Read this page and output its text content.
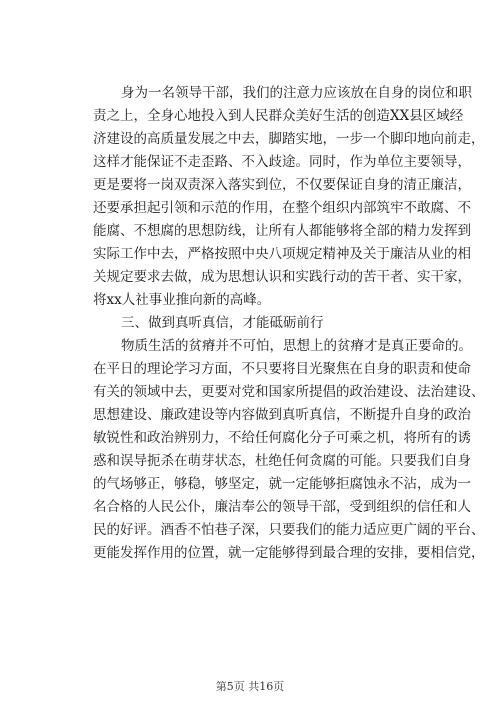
身为一名领导干部，我们的注意力应该放在自身的岗位和职
责之上，全身心地投入到人民群众美好生活的创造XX县区域经
济建设的高质量发展之中去，脚踏实地，一步一个脚印地向前走，
这样才能保证不走歪路、不入歧途。同时，作为单位主要领导，
更是要将一岗双责深入落实到位，不仅要保证自身的清正廉洁，
还要承担起引领和示范的作用，在整个组织内部筑牢不敢腐、不
能腐、不想腐的思想防线，让所有人都能够将全部的精力发挥到
实际工作中去，严格按照中央八项规定精神及关于廉洁从业的相
关规定要求去做，成为思想认识和实践行动的苦干者、实干家，
将xx人社事业推向新的高峰。
三、做到真听真信，才能砥砺前行
物质生活的贫瘠并不可怕，思想上的贫瘠才是真正要命的。
在平日的理论学习方面，不只要将目光聚焦在自身的职责和使命
有关的领域中去，更要对党和国家所提倡的政治建设、法治建设、
思想建设、廉政建设等内容做到真听真信，不断提升自身的政治
敏锐性和政治辨别力，不给任何腐化分子可乘之机，将所有的诱
惑和误导扼杀在萌芽状态，杜绝任何贪腐的可能。只要我们自身
的气场够正，够稳，够坚定，就一定能够拒腐蚀永不沾，成为一
名合格的人民公仆，廉洁奉公的领导干部，受到组织的信任和人
民的好评。酒香不怕巷子深，只要我们的能力适应更广阔的平台、
更能发挥作用的位置，就一定能够得到最合理的安排，要相信党，
第5页 共16页
